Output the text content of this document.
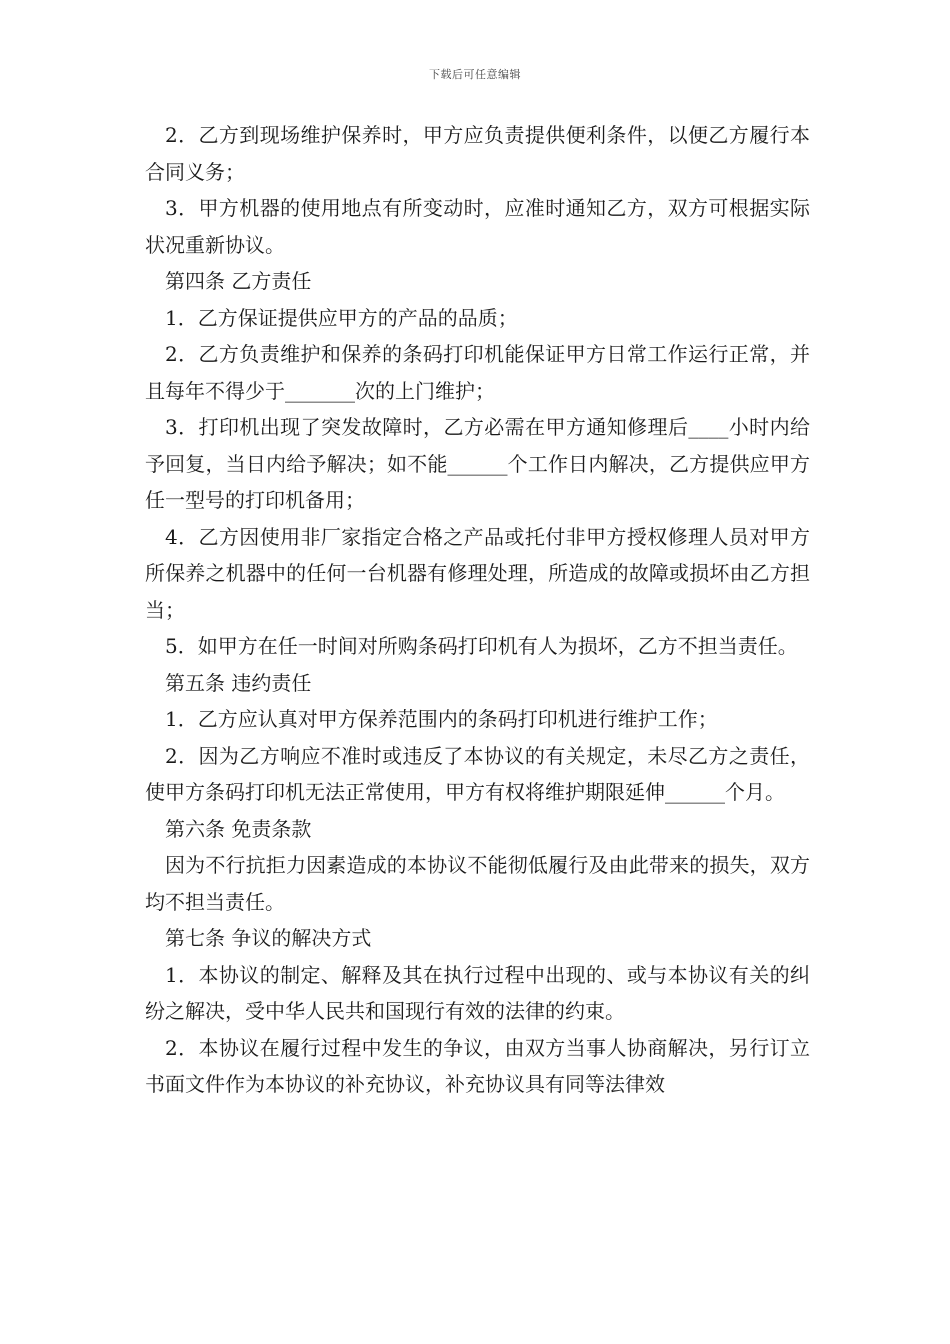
下载后可任意编辑

2．乙方到现场维护保养时，甲方应负责提供便利条件，以便乙方履行本合同义务；

3．甲方机器的使用地点有所变动时，应准时通知乙方，双方可根据实际状况重新协议。

第四条 乙方责任

1．乙方保证提供应甲方的产品的品质；

2．乙方负责维护和保养的条码打印机能保证甲方日常工作运行正常，并且每年不得少于_______次的上门维护；

3．打印机出现了突发故障时，乙方必需在甲方通知修理后____小时内给予回复，当日内给予解决；如不能______个工作日内解决，乙方提供应甲方任一型号的打印机备用；

4．乙方因使用非厂家指定合格之产品或托付非甲方授权修理人员对甲方所保养之机器中的任何一台机器有修理处理，所造成的故障或损坏由乙方担当；

5．如甲方在任一时间对所购条码打印机有人为损坏，乙方不担当责任。

第五条 违约责任

1．乙方应认真对甲方保养范围内的条码打印机进行维护工作；

2．因为乙方响应不准时或违反了本协议的有关规定，未尽乙方之责任，使甲方条码打印机无法正常使用，甲方有权将维护期限延伸______个月。

第六条 免责条款

因为不行抗拒力因素造成的本协议不能彻低履行及由此带来的损失，双方均不担当责任。

第七条 争议的解决方式

1．本协议的制定、解释及其在执行过程中出现的、或与本协议有关的纠纷之解决，受中华人民共和国现行有效的法律的约束。

2．本协议在履行过程中发生的争议，由双方当事人协商解决，另行订立书面文件作为本协议的补充协议，补充协议具有同等法律效
